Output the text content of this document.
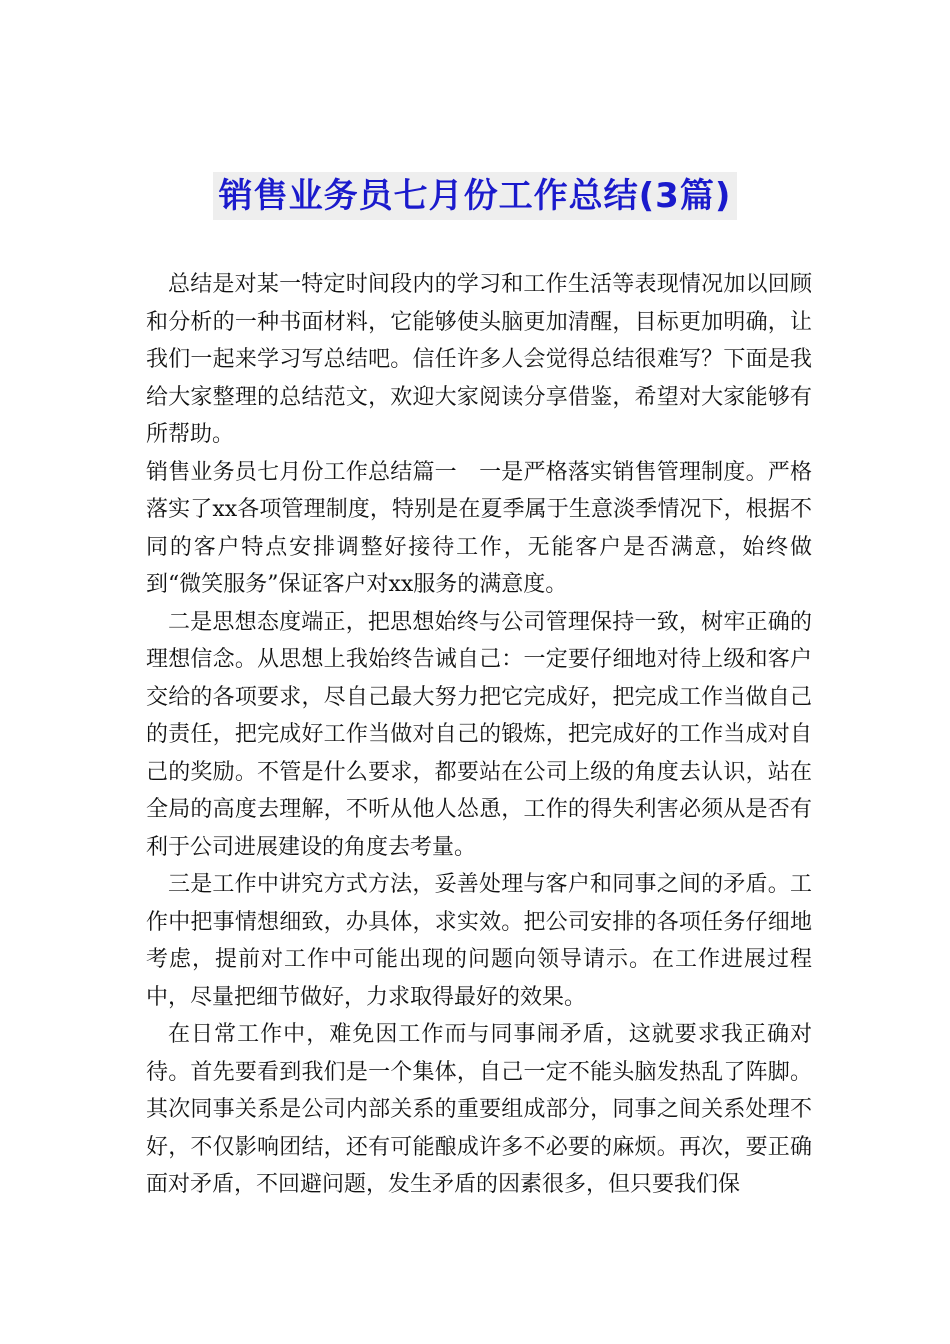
销售业务员七月份工作总结(3篇)

总结是对某一特定时间段内的学习和工作生活等表现情况加以回顾和分析的一种书面材料，它能够使头脑更加清醒，目标更加明确，让我们一起来学习写总结吧。信任许多人会觉得总结很难写？下面是我给大家整理的总结范文，欢迎大家阅读分享借鉴，希望对大家能够有所帮助。

销售业务员七月份工作总结篇一　一是严格落实销售管理制度。严格落实了xx各项管理制度，特别是在夏季属于生意淡季情况下，根据不同的客户特点安排调整好接待工作，无能客户是否满意，始终做到“微笑服务”保证客户对xx服务的满意度。

二是思想态度端正，把思想始终与公司管理保持一致，树牢正确的理想信念。从思想上我始终告诫自己：一定要仔细地对待上级和客户交给的各项要求，尽自己最大努力把它完成好，把完成工作当做自己的责任，把完成好工作当做对自己的锻炼，把完成好的工作当成对自己的奖励。不管是什么要求，都要站在公司上级的角度去认识，站在全局的高度去理解，不听从他人怂恿，工作的得失利害必须从是否有利于公司进展建设的角度去考量。

三是工作中讲究方式方法，妥善处理与客户和同事之间的矛盾。工作中把事情想细致，办具体，求实效。把公司安排的各项任务仔细地考虑，提前对工作中可能出现的问题向领导请示。在工作进展过程中，尽量把细节做好，力求取得最好的效果。

在日常工作中，难免因工作而与同事闹矛盾，这就要求我正确对待。首先要看到我们是一个集体，自己一定不能头脑发热乱了阵脚。其次同事关系是公司内部关系的重要组成部分，同事之间关系处理不好，不仅影响团结，还有可能酿成许多不必要的麻烦。再次，要正确面对矛盾，不回避问题，发生矛盾的因素很多，但只要我们保
